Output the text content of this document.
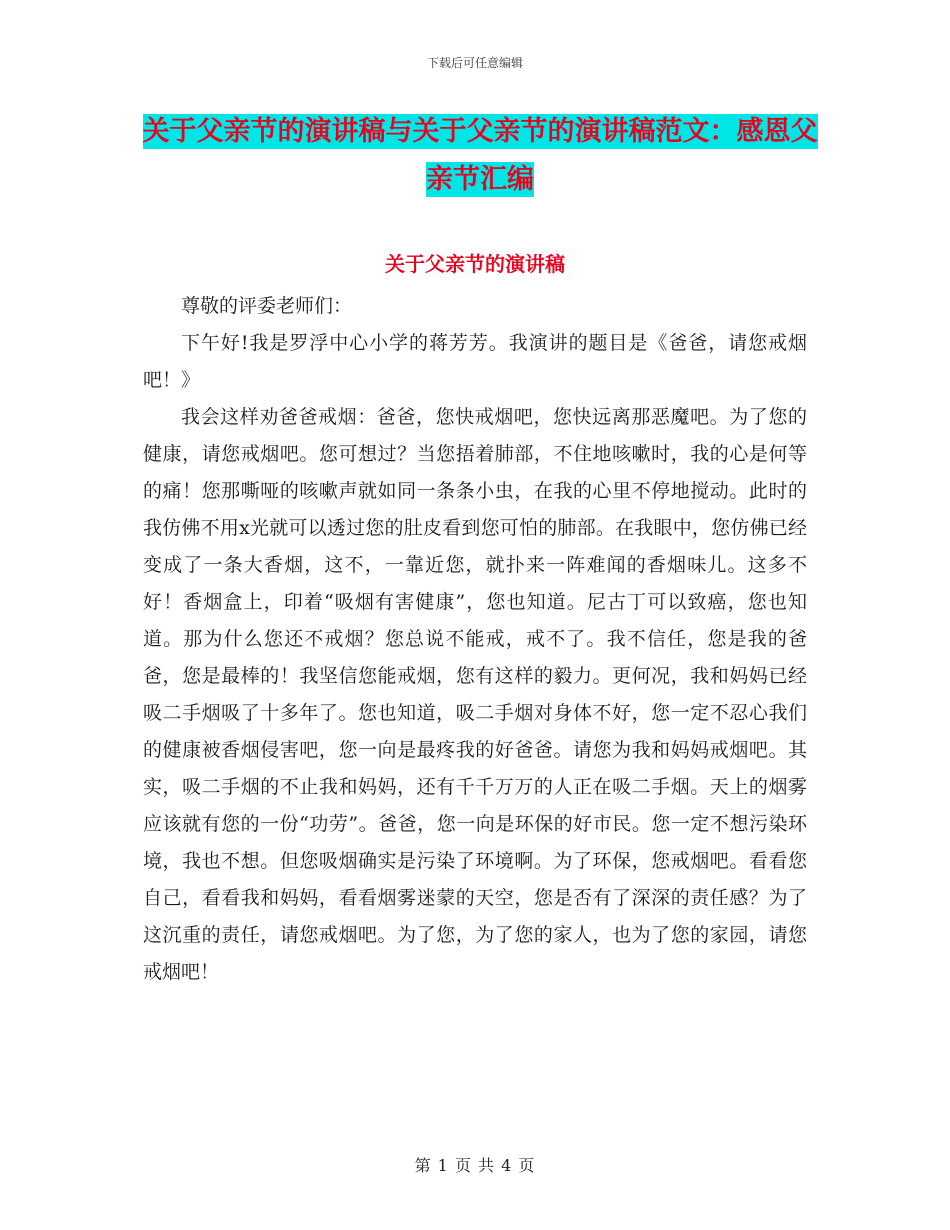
下载后可任意编辑
关于父亲节的演讲稿与关于父亲节的演讲稿范文：感恩父亲节汇编
关于父亲节的演讲稿

尊敬的评委老师们：

下午好!我是罗浮中心小学的蒋芳芳。我演讲的题目是《爸爸，请您戒烟吧！》

我会这样劝爸爸戒烟：爸爸，您快戒烟吧，您快远离那恶魔吧。为了您的健康，请您戒烟吧。您可想过？当您捂着肺部，不住地咳嗽时，我的心是何等的痛！您那嘶哑的咳嗽声就如同一条条小虫，在我的心里不停地搅动。此时的我仿佛不用x光就可以透过您的肚皮看到您可怕的肺部。在我眼中，您仿佛已经变成了一条大香烟，这不，一靠近您，就扑来一阵难闻的香烟味儿。这多不好！香烟盒上，印着“吸烟有害健康”，您也知道。尼古丁可以致癌，您也知道。那为什么您还不戒烟？您总说不能戒，戒不了。我不信任，您是我的爸爸，您是最棒的！我坚信您能戒烟，您有这样的毅力。更何况，我和妈妈已经吸二手烟吸了十多年了。您也知道，吸二手烟对身体不好，您一定不忍心我们的健康被香烟侵害吧，您一向是最疼我的好爸爸。请您为我和妈妈戒烟吧。其实，吸二手烟的不止我和妈妈，还有千千万万的人正在吸二手烟。天上的烟雾应该就有您的一份“功劳”。爸爸，您一向是环保的好市民。您一定不想污染环境，我也不想。但您吸烟确实是污染了环境啊。为了环保，您戒烟吧。看看您自己，看看我和妈妈，看看烟雾迷蒙的天空，您是否有了深深的责任感？为了这沉重的责任，请您戒烟吧。为了您，为了您的家人，也为了您的家园，请您戒烟吧！

第 1 页 共 4 页
